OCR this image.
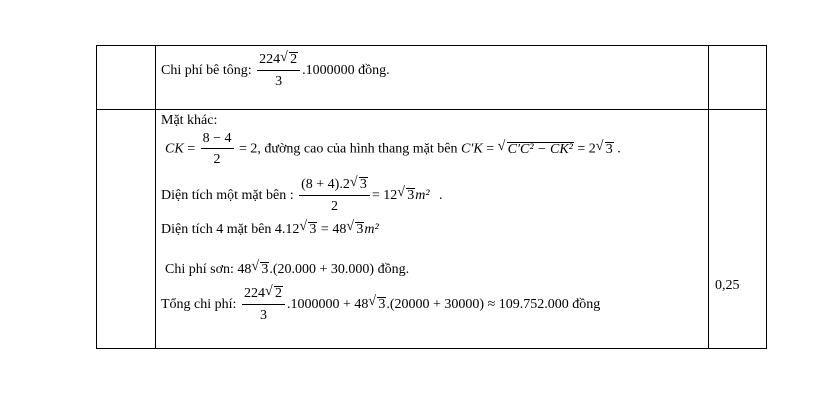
Chi phí bê tông: $\frac{224√ 2}{3} .1000000$ đồng.
Mặt khác:
CK = $\frac{8 - 4}{2} = 2$, đường cao của hình thang mặt bên C′K = √ C′C² − CK² = 2√ 3 .
Diện tích một mặt bên : $\frac{(8 + 4).2√ 3}{2} = 12√$ 3m² .
Diện tích 4 mặt bên 4.12√ 3 = 48√ 3m²
Chi phí sơn: 48√ 3.(20.000 + 30.000) đồng.
Tổng chi phí: $\frac{224√ 2}{3} .1000000 + 48√$ 3.(20000 + 30000) ≈ 109.752.000 đồng
0,25
